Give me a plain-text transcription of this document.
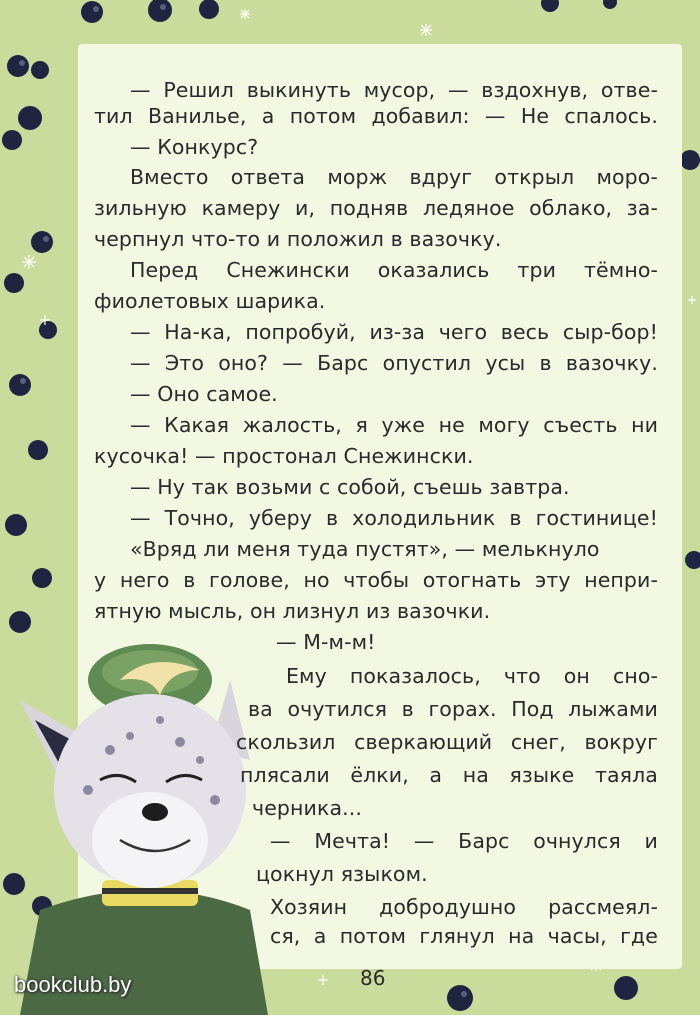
— Решил выкинуть мусор, — вздохнув, отве-
тил Ванилье, а потом добавил: — Не спалось.
— Конкурс?
Вместо ответа морж вдруг открыл моро-
зильную камеру и, подняв ледяное облако, за-
черпнул что-то и положил в вазочку.
Перед Снежински оказались три тёмно-
фиолетовых шарика.
— На-ка, попробуй, из-за чего весь сыр-бор!
— Это оно? — Барс опустил усы в вазочку.
— Оно самое.
— Какая жалость, я уже не могу съесть ни
кусочка! — простонал Снежински.
— Ну так возьми с собой, съешь завтра.
— Точно, уберу в холодильник в гостинице!
«Вряд ли меня туда пустят», — мелькнуло
у него в голове, но чтобы отогнать эту непри-
ятную мысль, он лизнул из вазочки.
— М-м-м!
Ему показалось, что он сно-
ва очутился в горах. Под лыжами
скользил сверкающий снег, вокруг
плясали ёлки, а на языке таяла
черника...
— Мечта! — Барс очнулся и
цокнул языком.
Хозяин добродушно рассмеял-
ся, а потом глянул на часы, где
86
bookclub.by
